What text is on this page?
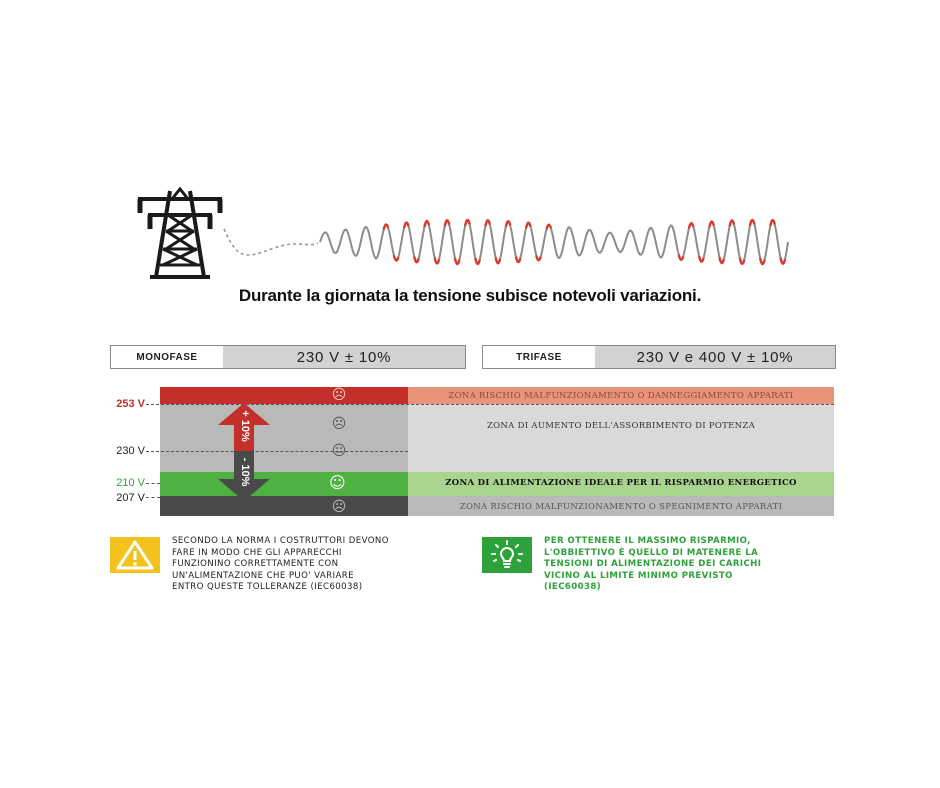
Durante la giornata la tensione subisce notevoli variazioni.
MONOFASE	230 V ± 10%	TRIFASE	230 V e 400 V ± 10%
ZONA RISCHIO MALFUNZIONAMENTO O DANNEGGIAMENTO APPARATI
ZONA DI AUMENTO DELL'ASSORBIMENTO DI POTENZA
ZONA DI ALIMENTAZIONE IDEALE PER IL RISPARMIO ENERGETICO
ZONA RISCHIO MALFUNZIONAMENTO O SPEGNIMENTO APPARATI
253 V
230 V
210 V
207 V
+ 10%
- 10%
☹
☹
😐
☺
☹
SECONDO LA NORMA I COSTRUTTORI DEVONO
FARE IN MODO CHE GLI APPARECCHI
FUNZIONINO CORRETTAMENTE CON
UN'ALIMENTAZIONE CHE PUO' VARIARE
ENTRO QUESTE TOLLERANZE (IEC60038)
PER OTTENERE IL MASSIMO RISPARMIO,
L'OBBIETTIVO È QUELLO DI MATENERE LA
TENSIONI DI ALIMENTAZIONE DEI CARICHI
VICINO AL LIMITE MINIMO PREVISTO
(IEC60038)
